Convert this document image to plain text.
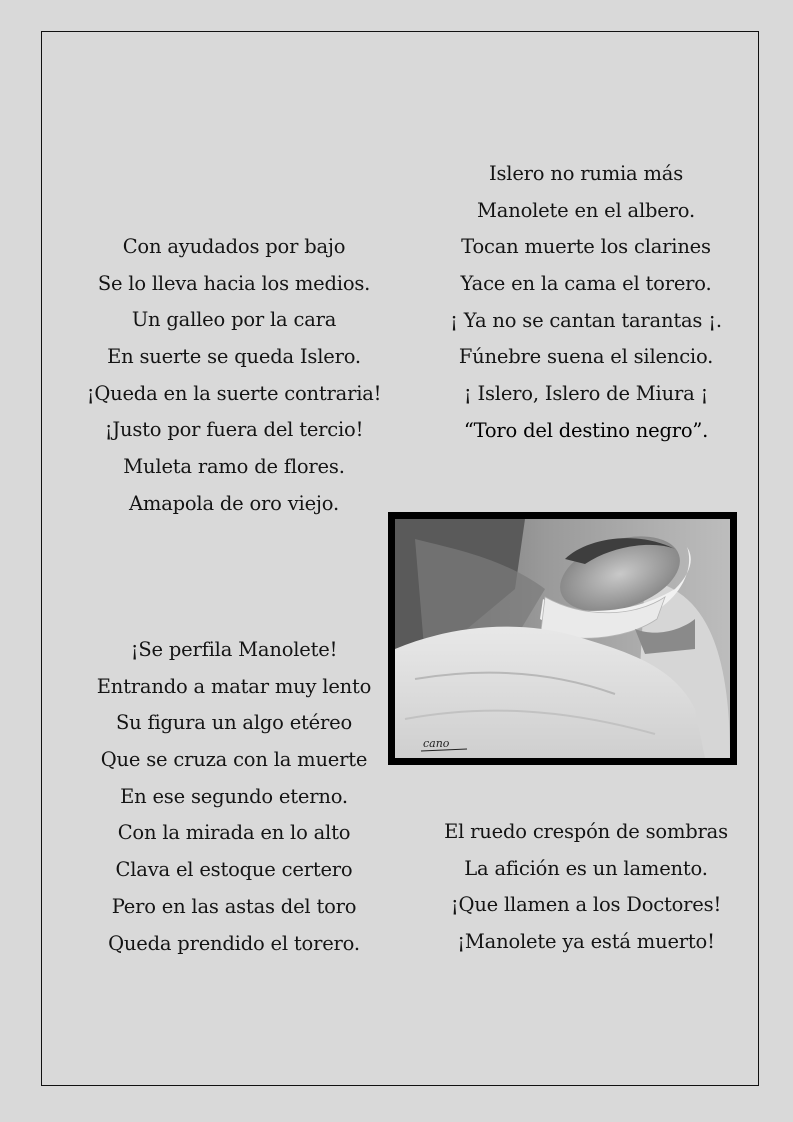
Con ayudados por bajo
Se lo lleva hacia los medios.
Un galleo por la cara
En suerte se queda Islero.
¡Queda en la suerte contraria!
¡Justo por fuera del tercio!
Muleta ramo de flores.
Amapola de oro viejo.
Islero no rumia más
Manolete en el albero.
Tocan muerte los clarines
Yace en la cama el torero.
¡ Ya no se cantan tarantas ¡.
Fúnebre suena el silencio.
¡ Islero, Islero de Miura ¡
“Toro del destino negro”.
cano
¡Se perfila Manolete!
Entrando a matar muy lento
Su figura un algo etéreo
Que se cruza con la muerte
En ese segundo eterno.
Con la mirada en lo alto
Clava el estoque certero
Pero en las astas del toro
Queda prendido el torero.
El ruedo crespón de sombras
La afición es un lamento.
¡Que llamen a los Doctores!
¡Manolete ya está muerto!
